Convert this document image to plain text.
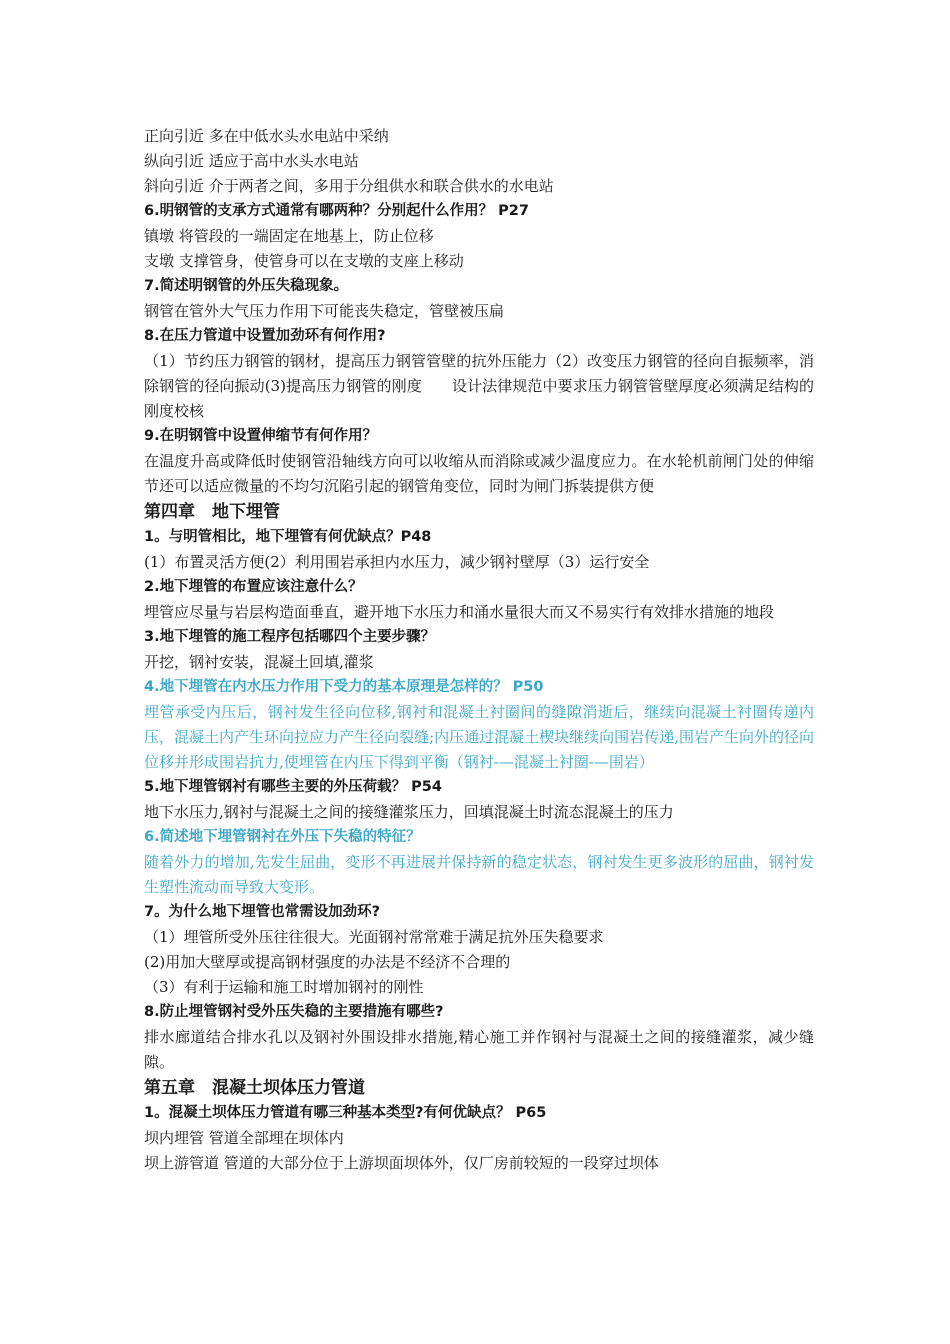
正向引近 多在中低水头水电站中采纳
纵向引近 适应于高中水头水电站
斜向引近 介于两者之间，多用于分组供水和联合供水的水电站
6.明钢管的支承方式通常有哪两种？分别起什么作用？ P27
镇墩 将管段的一端固定在地基上，防止位移
支墩 支撑管身，使管身可以在支墩的支座上移动
7.简述明钢管的外压失稳现象。
钢管在管外大气压力作用下可能丧失稳定，管壁被压扁
8.在压力管道中设置加劲环有何作用?
（1）节约压力钢管的钢材，提高压力钢管管壁的抗外压能力（2）改变压力钢管的径向自振频率，消除钢管的径向振动(3)提高压力钢管的刚度　　设计法律规范中要求压力钢管管壁厚度必须满足结构的刚度校核
9.在明钢管中设置伸缩节有何作用？
在温度升高或降低时使钢管沿轴线方向可以收缩从而消除或减少温度应力。在水轮机前闸门处的伸缩节还可以适应微量的不均匀沉陷引起的钢管角变位，同时为闸门拆装提供方便
第四章　地下埋管
1。与明管相比，地下埋管有何优缺点？P48
(1）布置灵活方便(2）利用围岩承担内水压力，减少钢衬壁厚（3）运行安全
2.地下埋管的布置应该注意什么？
埋管应尽量与岩层构造面垂直，避开地下水压力和涌水量很大而又不易实行有效排水措施的地段
3.地下埋管的施工程序包括哪四个主要步骤？
开挖，钢衬安装，混凝土回填,灌浆
4.地下埋管在内水压力作用下受力的基本原理是怎样的？ P50
埋管承受内压后，钢衬发生径向位移,钢衬和混凝土衬圈间的缝隙消逝后，继续向混凝土衬圈传递内压，混凝土内产生环向拉应力产生径向裂缝;内压通过混凝土楔块继续向围岩传递,围岩产生向外的径向位移并形成围岩抗力,使埋管在内压下得到平衡（钢衬-—混凝土衬圈-—围岩）
5.地下埋管钢衬有哪些主要的外压荷载？ P54
地下水压力,钢衬与混凝土之间的接缝灌浆压力，回填混凝土时流态混凝土的压力
6.简述地下埋管钢衬在外压下失稳的特征？
随着外力的增加,先发生屈曲，变形不再进展并保持新的稳定状态，钢衬发生更多波形的屈曲，钢衬发生塑性流动而导致大变形。
7。为什么地下埋管也常需设加劲环?
（1）埋管所受外压往往很大。光面钢衬常常难于满足抗外压失稳要求
(2)用加大壁厚或提高钢材强度的办法是不经济不合理的
（3）有利于运输和施工时增加钢衬的刚性
8.防止埋管钢衬受外压失稳的主要措施有哪些?
排水廊道结合排水孔以及钢衬外围设排水措施,精心施工并作钢衬与混凝土之间的接缝灌浆，减少缝隙。
第五章　混凝土坝体压力管道
1。混凝土坝体压力管道有哪三种基本类型?有何优缺点？ P65
坝内埋管 管道全部埋在坝体内
坝上游管道 管道的大部分位于上游坝面坝体外，仅厂房前较短的一段穿过坝体
